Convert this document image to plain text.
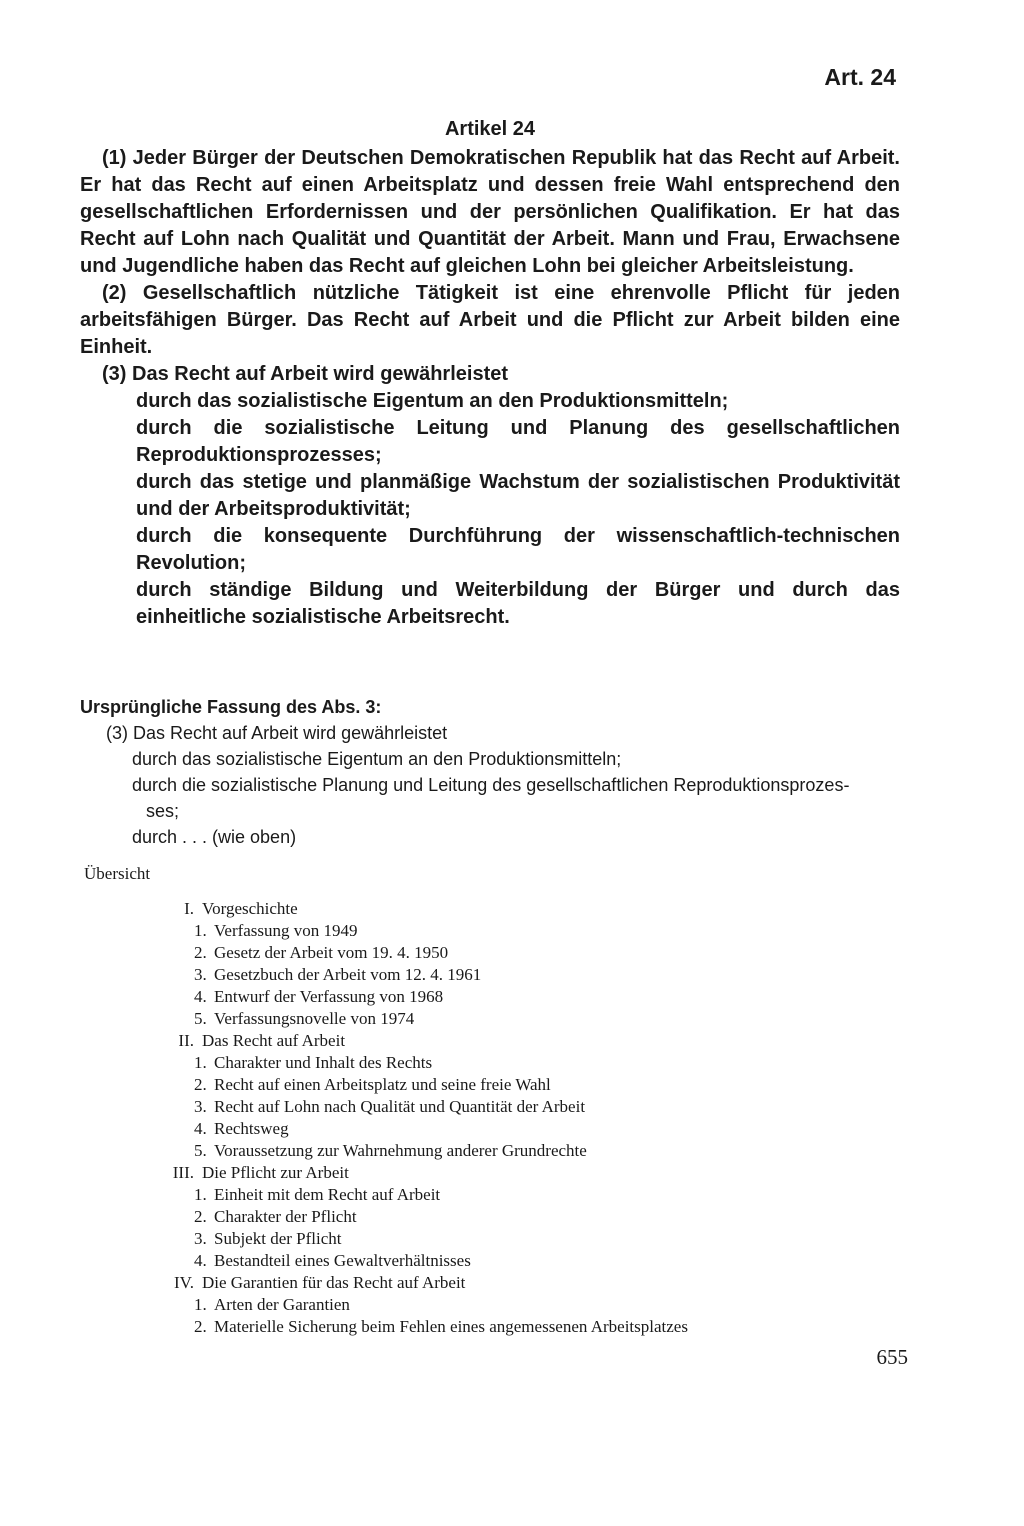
Art. 24
Artikel 24

(1) Jeder Bürger der Deutschen Demokratischen Republik hat das Recht auf Arbeit. Er hat das Recht auf einen Arbeitsplatz und dessen freie Wahl entsprechend den gesellschaftlichen Erfordernissen und der persönlichen Qualifikation. Er hat das Recht auf Lohn nach Qualität und Quantität der Arbeit. Mann und Frau, Erwachsene und Jugendliche haben das Recht auf gleichen Lohn bei gleicher Arbeitsleistung.

(2) Gesellschaftlich nützliche Tätigkeit ist eine ehrenvolle Pflicht für jeden arbeitsfähigen Bürger. Das Recht auf Arbeit und die Pflicht zur Arbeit bilden eine Einheit.

(3) Das Recht auf Arbeit wird gewährleistet

durch das sozialistische Eigentum an den Produktionsmitteln;

durch die sozialistische Leitung und Planung des gesellschaftlichen Reproduktionsprozesses;

durch das stetige und planmäßige Wachstum der sozialistischen Produktivität und der Arbeitsproduktivität;

durch die konsequente Durchführung der wissenschaftlich-technischen Revolution;

durch ständige Bildung und Weiterbildung der Bürger und durch das einheitliche sozialistische Arbeitsrecht.

Ursprüngliche Fassung des Abs. 3:

(3) Das Recht auf Arbeit wird gewährleistet

durch das sozialistische Eigentum an den Produktionsmitteln;

durch die sozialistische Planung und Leitung des gesellschaftlichen Reproduktionsprozes-

ses;

durch . . . (wie oben)

Übersicht

I. Vorgeschichte
1. Verfassung von 1949
2. Gesetz der Arbeit vom 19. 4. 1950
3. Gesetzbuch der Arbeit vom 12. 4. 1961
4. Entwurf der Verfassung von 1968
5. Verfassungsnovelle von 1974
II. Das Recht auf Arbeit
1. Charakter und Inhalt des Rechts
2. Recht auf einen Arbeitsplatz und seine freie Wahl
3. Recht auf Lohn nach Qualität und Quantität der Arbeit
4. Rechtsweg
5. Voraussetzung zur Wahrnehmung anderer Grundrechte
III. Die Pflicht zur Arbeit
1. Einheit mit dem Recht auf Arbeit
2. Charakter der Pflicht
3. Subjekt der Pflicht
4. Bestandteil eines Gewaltverhältnisses
IV. Die Garantien für das Recht auf Arbeit
1. Arten der Garantien
2. Materielle Sicherung beim Fehlen eines angemessenen Arbeitsplatzes
655
